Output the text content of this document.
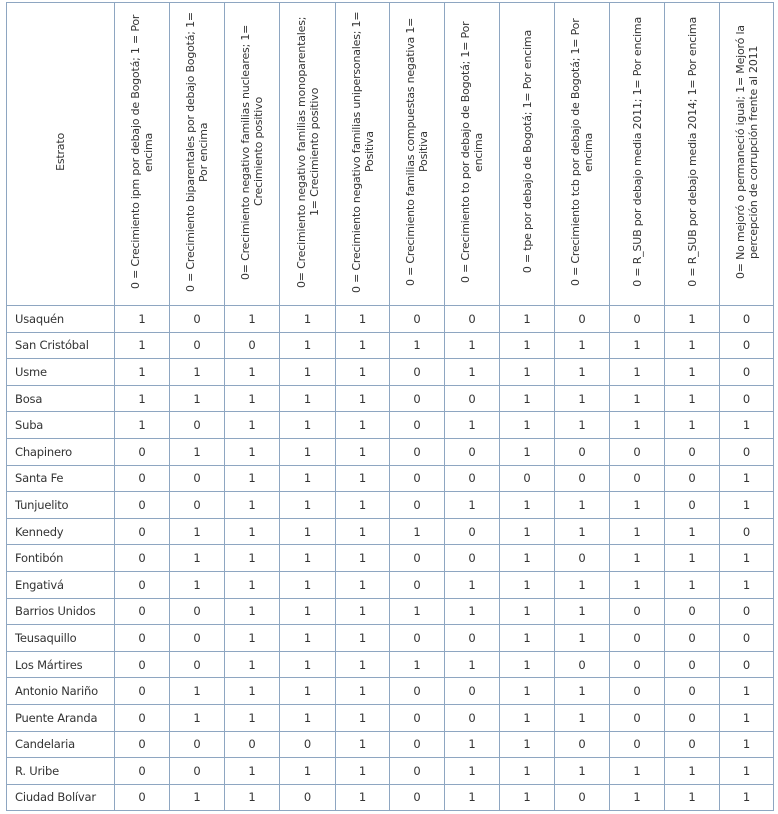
Estrato	0 = Crecimiento ipm por debajo de Bogotá; 1 = Por encima	0 = Crecimiento biparentales por debajo Bogotá; 1= Por encima	0= Crecimiento negativo familias nucleares; 1= Crecimiento positivo	0= Crecimiento negativo familias monoparentales; 1= Crecimiento positivo	0 = Crecimiento negativo familias unipersonales; 1= Positiva	0 = Crecimiento familias compuestas negativa 1= Positiva	0 = Crecimiento to por debajo de Bogotá; 1= Por encima	0 = tpe por debajo de Bogotá; 1= Por encima	0 = Crecimiento tcb por debajo de Bogotá; 1= Por encima	0 = R_SUB por debajo media 2011; 1= Por encima	0 = R_SUB por debajo media 2014; 1= Por encima	0= No mejoró o permaneció igual; 1= Mejoró la percepción de corrupción frente al 2011
Usaquén	1	0	1	1	1	0	0	1	0	0	1	0
San Cristóbal	1	0	0	1	1	1	1	1	1	1	1	0
Usme	1	1	1	1	1	0	1	1	1	1	1	0
Bosa	1	1	1	1	1	0	0	1	1	1	1	0
Suba	1	0	1	1	1	0	1	1	1	1	1	1
Chapinero	0	1	1	1	1	0	0	1	0	0	0	0
Santa Fe	0	0	1	1	1	0	0	0	0	0	0	1
Tunjuelito	0	0	1	1	1	0	1	1	1	1	0	1
Kennedy	0	1	1	1	1	1	0	1	1	1	1	0
Fontibón	0	1	1	1	1	0	0	1	0	1	1	1
Engativá	0	1	1	1	1	0	1	1	1	1	1	1
Barrios Unidos	0	0	1	1	1	1	1	1	1	0	0	0
Teusaquillo	0	0	1	1	1	0	0	1	1	0	0	0
Los Mártires	0	0	1	1	1	1	1	1	0	0	0	0
Antonio Nariño	0	1	1	1	1	0	0	1	1	0	0	1
Puente Aranda	0	1	1	1	1	0	0	1	1	0	0	1
Candelaria	0	0	0	0	1	0	1	1	0	0	0	1
R. Uribe	0	0	1	1	1	0	1	1	1	1	1	1
Ciudad Bolívar	0	1	1	0	1	0	1	1	0	1	1	1
